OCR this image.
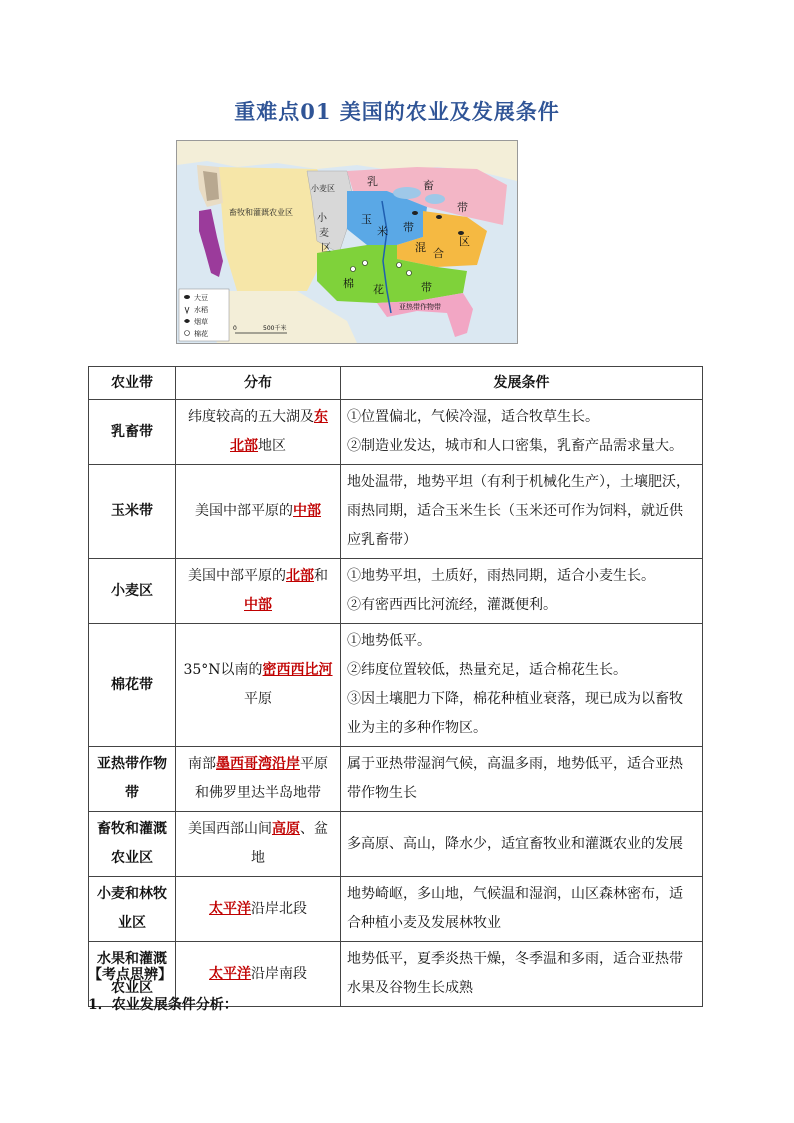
重难点01 美国的农业及发展条件
畜牧和灌溉农业区
小麦区
小
麦
区
乳	畜
带
玉
米 带
混 合
区
棉 花	带
亚热带作物带
大豆
水稻
烟草
棉花
0	500千米
农业带	分布	发展条件
乳畜带	纬度较高的五大湖及东北部地区	①位置偏北，气候冷湿，适合牧草生长。
②制造业发达，城市和人口密集，乳畜产品需求量大。

玉米带	美国中部平原的中部	地处温带，地势平坦（有利于机械化生产），土壤肥沃，雨热同期，适合玉米生长（玉米还可作为饲料，就近供应乳畜带）

小麦区	美国中部平原的北部和中部	①地势平坦，土质好，雨热同期，适合小麦生长。
②有密西西比河流经，灌溉便利。

棉花带	35°N以南的密西西比河平原	①地势低平。
②纬度位置较低，热量充足，适合棉花生长。
③因土壤肥力下降，棉花种植业衰落，现已成为以畜牧业为主的多种作物区。

亚热带作物带	南部墨西哥湾沿岸平原和佛罗里达半岛地带	属于亚热带湿润气候，高温多雨，地势低平，适合亚热带作物生长

畜牧和灌溉农业区	美国西部山间高原、盆地	多高原、高山，降水少，适宜畜牧业和灌溉农业的发展

小麦和林牧业区	太平洋沿岸北段	地势崎岖，多山地，气候温和湿润，山区森林密布，适合种植小麦及发展林牧业

水果和灌溉农业区	太平洋沿岸南段	地势低平，夏季炎热干燥，冬季温和多雨，适合亚热带水果及谷物生长成熟
【考点思辨】
1．农业发展条件分析：
